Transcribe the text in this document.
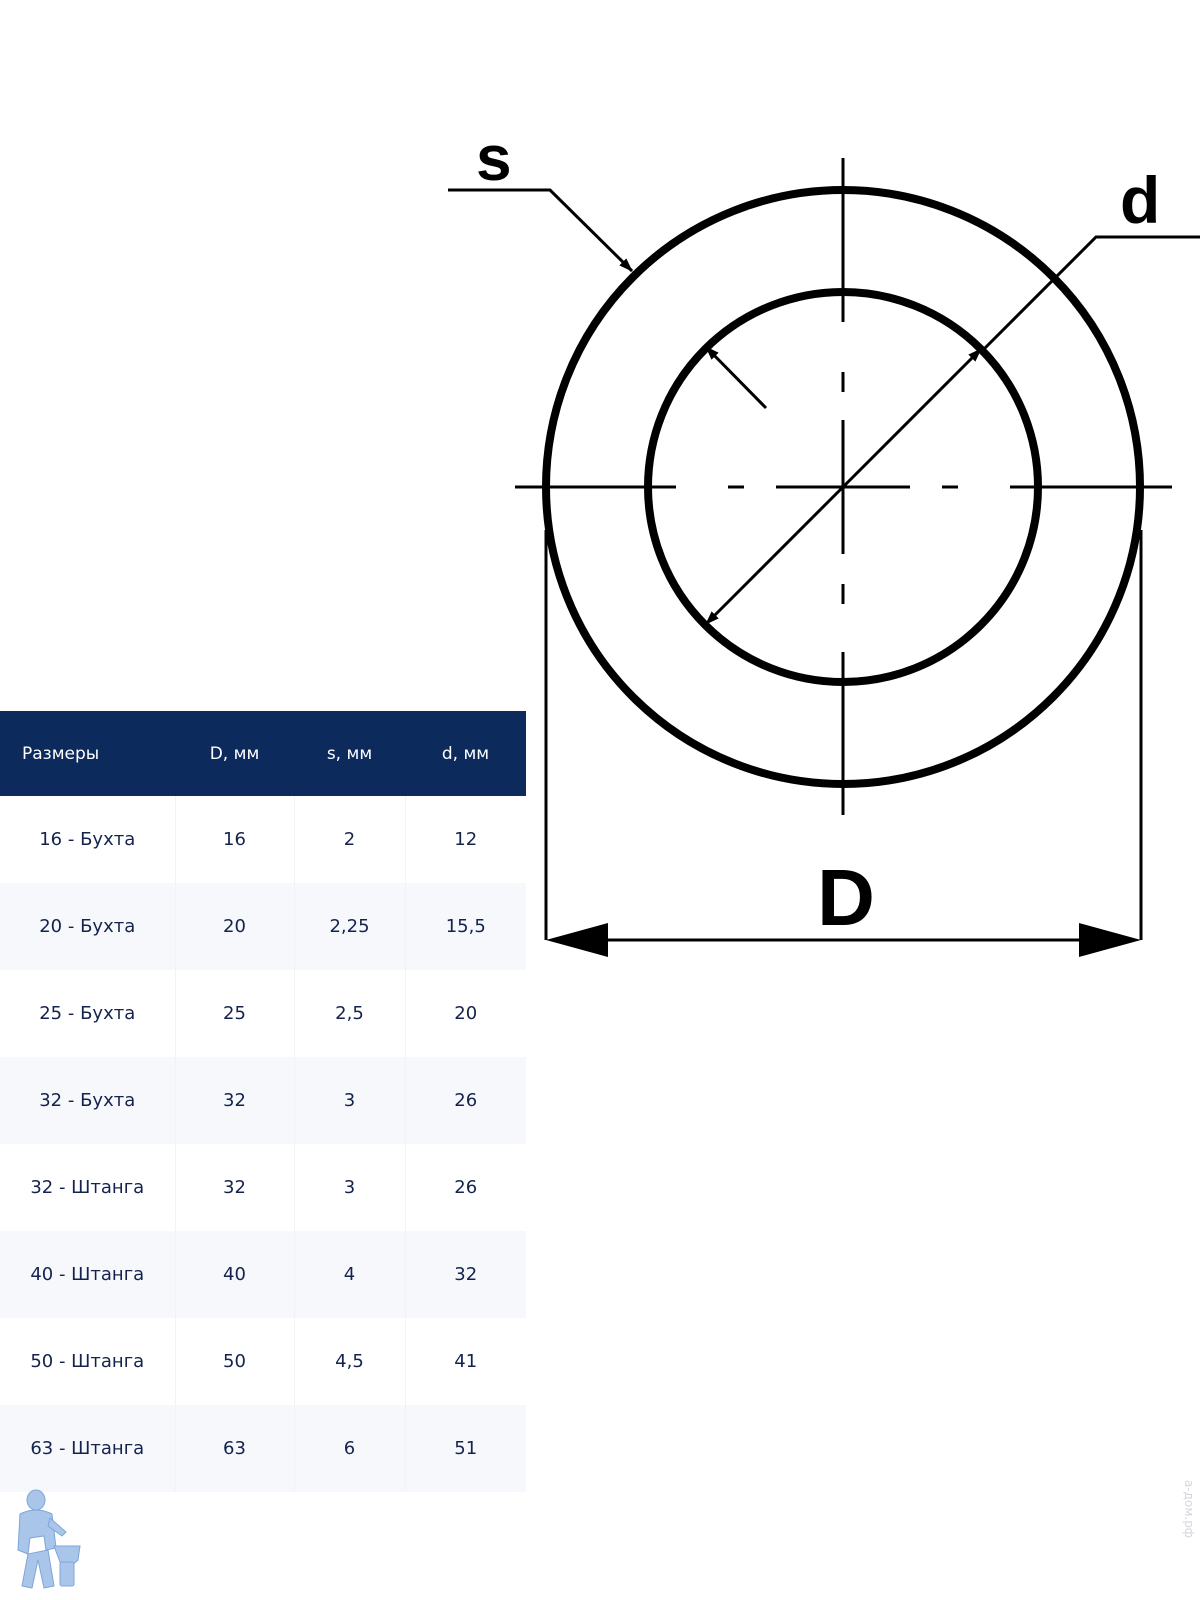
s
d
D
Размеры	D, мм	s, мм	d, мм
16 - Бухта	16	2	12
20 - Бухта	20	2,25	15,5
25 - Бухта	25	2,5	20
32 - Бухта	32	3	26
32 - Штанга	32	3	26
40 - Штанга	40	4	32
50 - Штанга	50	4,5	41
63 - Штанга	63	6	51
а-дом.рф
